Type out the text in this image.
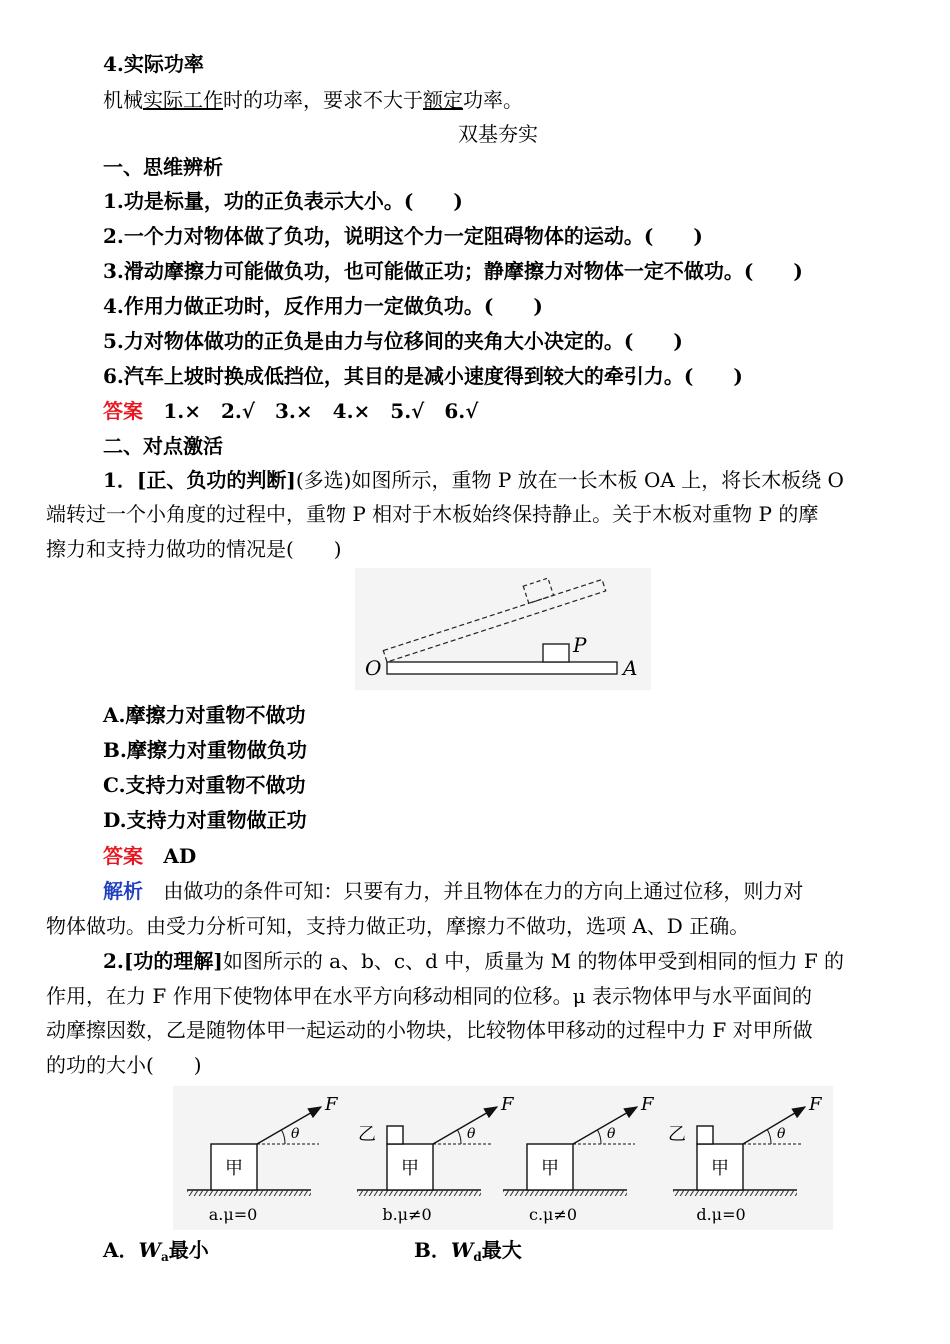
4.实际功率
机械实际工作时的功率，要求不大于额定功率。
双基夯实
一、思维辨析
1.功是标量，功的正负表示大小。(　　)
2.一个力对物体做了负功，说明这个力一定阻碍物体的运动。(　　)
3.滑动摩擦力可能做负功，也可能做正功；静摩擦力对物体一定不做功。(　　)
4.作用力做正功时，反作用力一定做负功。(　　)
5.力对物体做功的正负是由力与位移间的夹角大小决定的。(　　)
6.汽车上坡时换成低挡位，其目的是减小速度得到较大的牵引力。(　　)
答案 1.×　2.√　3.×　4.×　5.√　6.√
二、对点激活
1．[正、负功的判断](多选)如图所示，重物 P 放在一长木板 OA 上，将长木板绕 O
端转过一个小角度的过程中，重物 P 相对于木板始终保持静止。关于木板对重物 P 的摩
擦力和支持力做功的情况是(　　)
O
P
A
A.摩擦力对重物不做功
B.摩擦力对重物做负功
C.支持力对重物不做功
D.支持力对重物做正功
答案 AD
解析 由做功的条件可知：只要有力，并且物体在力的方向上通过位移，则力对
物体做功。由受力分析可知，支持力做正功，摩擦力不做功，选项 A、D 正确。
2.[功的理解]如图所示的 a、b、c、d 中，质量为 M 的物体甲受到相同的恒力 F 的
作用，在力 F 作用下使物体甲在水平方向移动相同的位移。μ 表示物体甲与水平面间的
动摩擦因数，乙是随物体甲一起运动的小物块，比较物体甲移动的过程中力 F 对甲所做
的功的大小(　　)
甲
θ
F
a.μ=0
乙
甲
θ
F
b.μ≠0
甲
θ
F
c.μ≠0
乙
甲
θ
F
d.μ=0
A．$W_a$最小	B．$W_d$最大
